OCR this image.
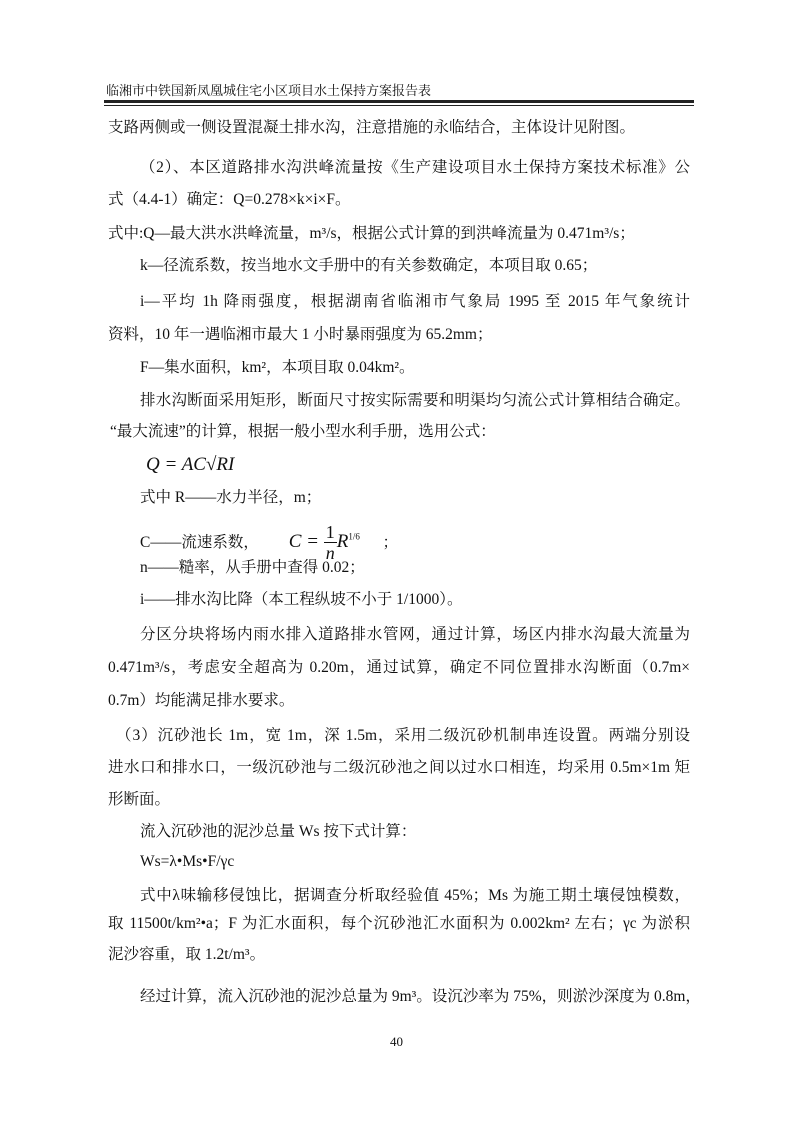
临湘市中铁国新凤凰城住宅小区项目水土保持方案报告表
支路两侧或一侧设置混凝土排水沟，注意措施的永临结合，主体设计见附图。
（2）、本区道路排水沟洪峰流量按《生产建设项目水土保持方案技术标准》公
式（4.4-1）确定：Q=0.278×k×i×F。
式中:Q—最大洪水洪峰流量，m³/s，根据公式计算的到洪峰流量为 0.471m³/s；
k—径流系数，按当地水文手册中的有关参数确定，本项目取 0.65；
i—平均 1h 降雨强度，根据湖南省临湘市气象局 1995 至 2015 年气象统计
资料，10 年一遇临湘市最大 1 小时暴雨强度为 65.2mm；
F—集水面积，km²，本项目取 0.04km²。
排水沟断面采用矩形，断面尺寸按实际需要和明渠均匀流公式计算相结合确定。
“最大流速”的计算，根据一般小型水利手册，选用公式：
Q = AC√RI
式中 R——水力半径，m；
C——流速系数， $C = \frac{1}{n} R^{1/6}$ ；
n——糙率，从手册中查得 0.02；
i——排水沟比降（本工程纵坡不小于 1/1000）。
分区分块将场内雨水排入道路排水管网，通过计算，场区内排水沟最大流量为
0.471m³/s，考虑安全超高为 0.20m，通过试算，确定不同位置排水沟断面（0.7m×
0.7m）均能满足排水要求。
（3）沉砂池长 1m，宽 1m，深 1.5m，采用二级沉砂机制串连设置。两端分别设
进水口和排水口，一级沉砂池与二级沉砂池之间以过水口相连，均采用 0.5m×1m 矩
形断面。
流入沉砂池的泥沙总量 Ws 按下式计算：
Ws=λ•Ms•F/γc
式中λ味输移侵蚀比，据调查分析取经验值 45%；Ms 为施工期土壤侵蚀模数，
取 11500t/km²•a；F 为汇水面积，每个沉砂池汇水面积为 0.002km² 左右；γc 为淤积
泥沙容重，取 1.2t/m³。
经过计算，流入沉砂池的泥沙总量为 9m³。设沉沙率为 75%，则淤沙深度为 0.8m，
40
